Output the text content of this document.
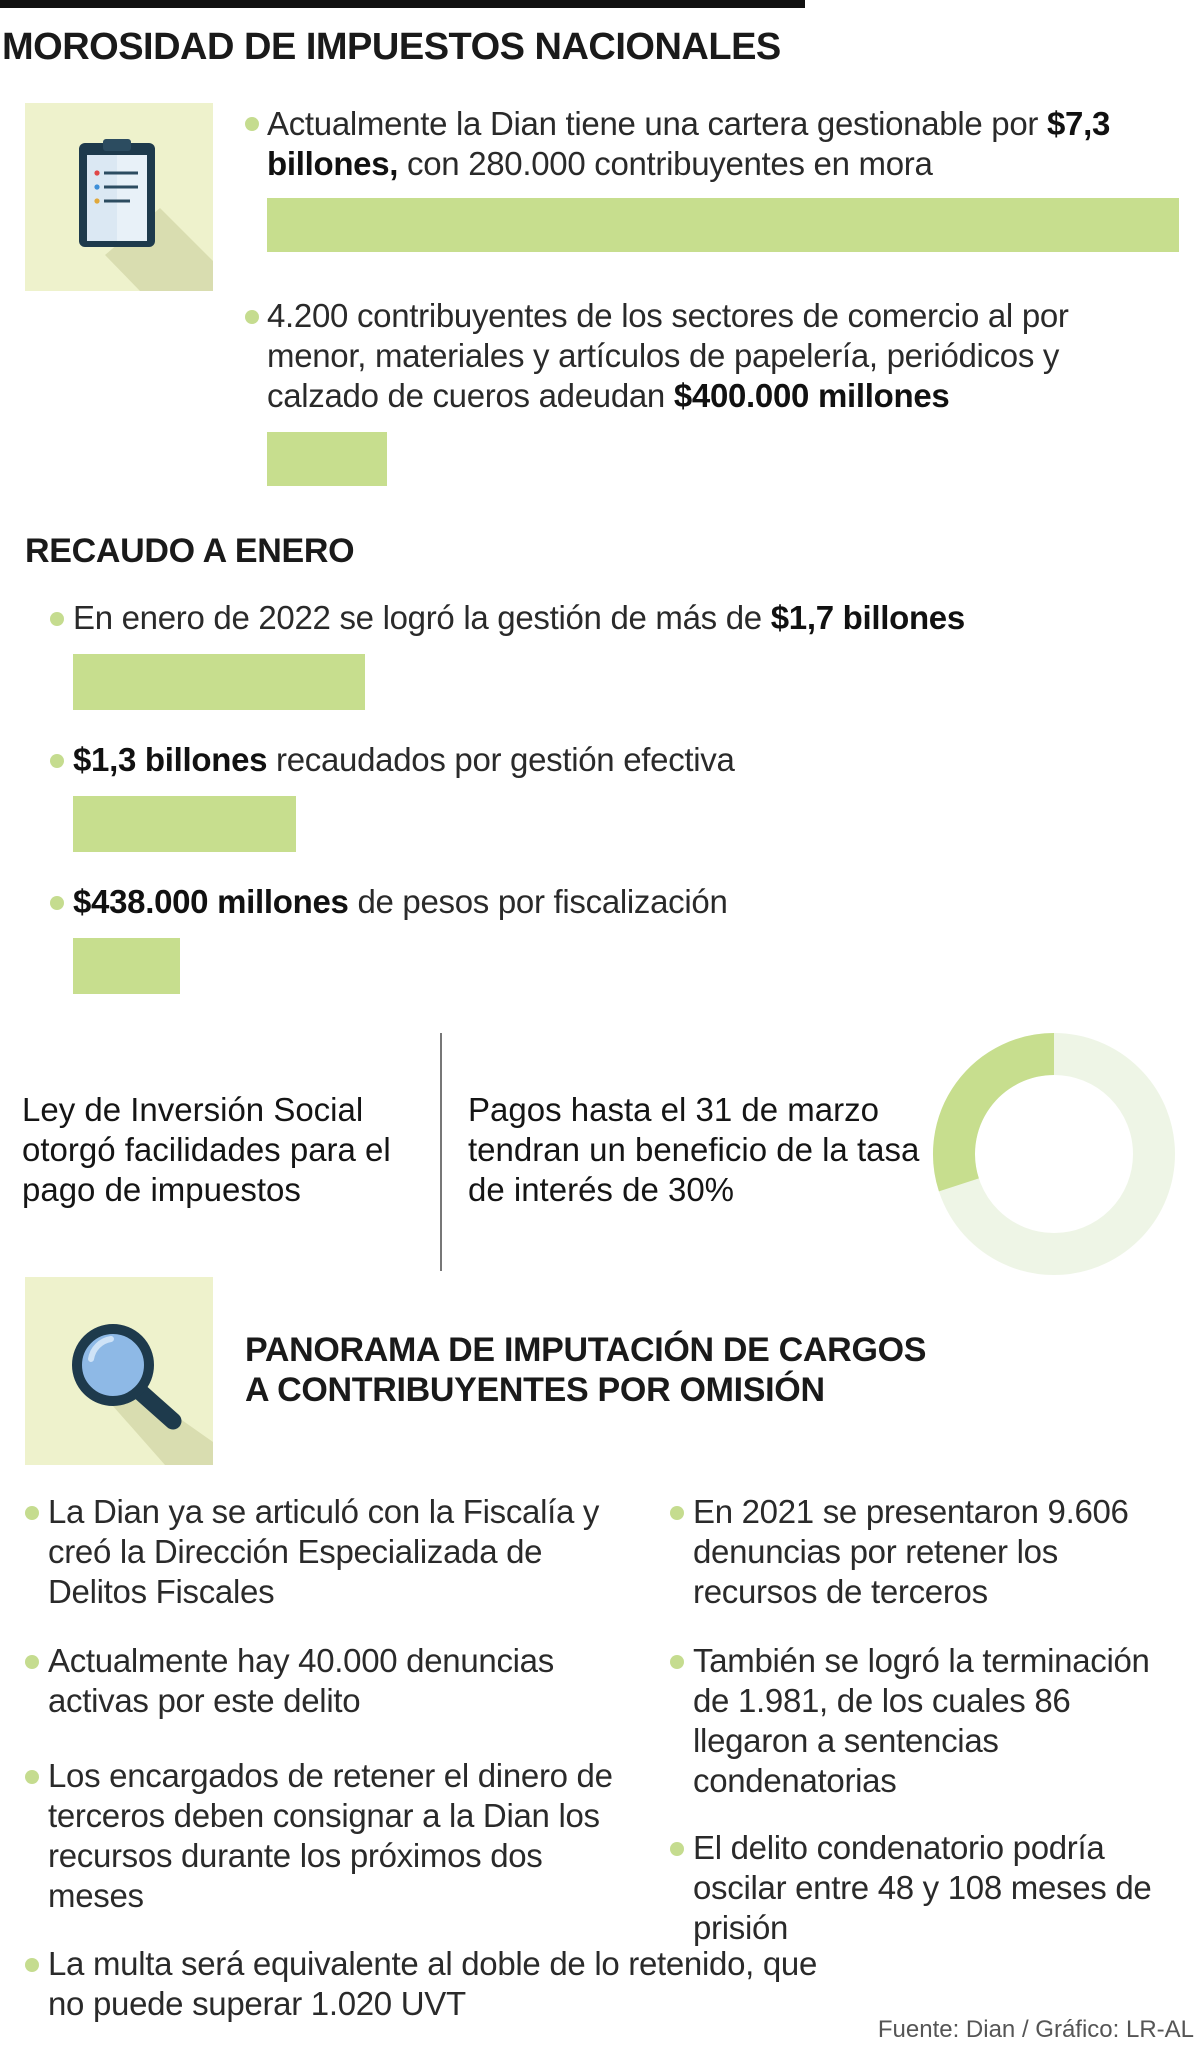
MOROSIDAD DE IMPUESTOS NACIONALES
Actualmente la Dian tiene una cartera gestionable por $7,3 billones, con 280.000 contribuyentes en mora
4.200 contribuyentes de los sectores de comercio al por menor, materiales y artículos de papelería, periódicos y calzado de cueros adeudan $400.000 millones
RECAUDO A ENERO
En enero de 2022 se logró la gestión de más de $1,7 billones
$1,3 billones recaudados por gestión efectiva
$438.000 millones de pesos por fiscalización
Ley de Inversión Social otorgó facilidades para el pago de impuestos
Pagos hasta el 31 de marzo tendran un beneficio de la tasa de interés de 30%
PANORAMA DE IMPUTACIÓN DE CARGOS
A CONTRIBUYENTES POR OMISIÓN
La Dian ya se articuló con la Fiscalía y creó la Dirección Especializada de Delitos Fiscales
Actualmente hay 40.000 denuncias activas por este delito
Los encargados de retener el dinero de terceros deben consignar a la Dian los recursos durante los próximos dos meses
La multa será equivalente al doble de lo retenido, que no puede superar 1.020 UVT
En 2021 se presentaron 9.606 denuncias por retener los recursos de terceros
También se logró la terminación de 1.981, de los cuales 86 llegaron a sentencias condenatorias
El delito condenatorio podría oscilar entre 48 y 108 meses de prisión
Fuente: Dian / Gráfico: LR-AL
